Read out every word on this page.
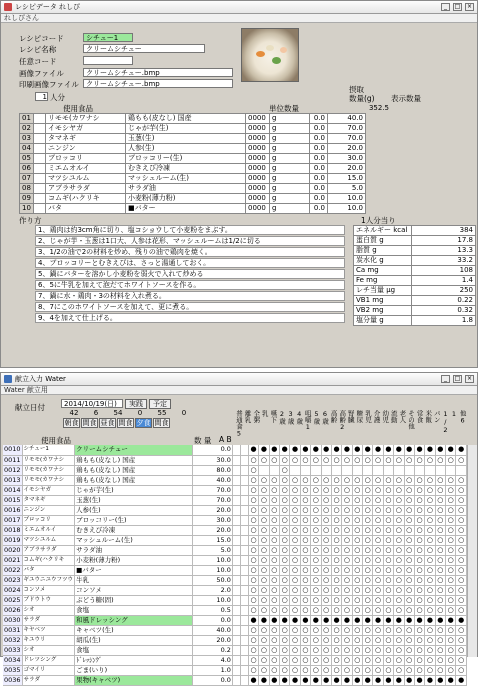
レシピデータ れしぴ	_	□	×
れしぴさん
レシピコード	シチュー1
レシピ名称	クリームシチュー
任意コード
画像ファイル	クリームシチュー.bmp
印刷画像ファイル	クリームシチュー.bmp
1 人分
使用食品	単位数量
摂取
数量(g) 表示数量
352.5
01		リモモ(カワナシ	鶏もも(皮なし) 国産	0000	g	0.0	40.0
02		イモシヤガ	じゃが芋(生)	0000	g	0.0	70.0
03		タマネギ	玉葱(生)	0000	g	0.0	70.0
04		ニンジン	人参(生)	0000	g	0.0	20.0
05		ブロッコリ	ブロッコリー(生)	0000	g	0.0	30.0
06		ミエムオルイ	むきえび冷凍	0000	g	0.0	20.0
07		マツシユルム	マッシュルーム(生)	0000	g	0.0	15.0
08		アブラサラダ	サラダ油	0000	g	0.0	5.0
09		コムギ(ハクリキ	小麦粉(薄力粉)	0000	g	0.0	10.0
10		バタ	■バター	0000	g	0.0	10.0
作り方	1人分当り
1、鶏肉は約3cm角に切り、塩コショウして小麦粉をまぶす。
2、じゃが芋・玉葱は1口大、人参は花形、マッシュルームは1/2に切る
3、1/2の油で2の材料を炒め、残りの油で鶏肉を焼く。
4、ブロッコリーとむきえびは、さっと湯通しておく。
5、鍋にバターを溶かし小麦粉を弱火で入れて炒める
6、5に牛乳を加えて泡だてホワイトソースを作る。
7、鍋に水・鶏肉・3の材料を入れ煮る。
8、7にこのホワイトソースを加えて、更に煮る。
9、4を加えて仕上げる。
エネルギー kcal	384
蛋白質 g	17.8
脂質 g	13.3
炭水化 g	33.2
Ca mg	108
Fe mg	1.4
レチ当量 μg	250
VB1 mg	0.22
VB2 mg	0.32
塩分量 g	1.8
献立入力 Water	_	□	×
Water 献立用
献立日付	2014/10/19(日)	実践	予定
42 6 54 0 55 0
朝食 間食 昼食 間食 夕食 間食
使用食品	数 量 A B
0010	シチュー1	クリームシチュー	0.0			●	●	●	●	●	●	●	●	●	●	●	●	●	●	●	●	●	●	●	●	●
0011	リモモ(カワナシ	鶏もも(皮なし) 国産	30.0			○	○	○	○	○	○	○	○	○	○	○	○	○	○	○	○	○	○	○	○	○
0012	リモモ(カワナシ	鶏もも(皮なし) 国産	80.0			○			○																	
0013	リモモ(カワナシ	鶏もも(皮なし) 国産	40.0			○	○	○	○	○	○	○	○	○	○	○	○	○	○	○	○	○	○	○	○	○
0014	イモシヤガ	じゃが芋(生)	70.0			○	○	○	○	○	○	○	○	○	○	○	○	○	○	○	○	○	○	○	○	○
0015	タマネギ	玉葱(生)	70.0			○	○	○	○	○	○	○	○	○	○	○	○	○	○	○	○	○	○	○	○	○
0016	ニンジン	人参(生)	20.0			○	○	○	○	○	○	○	○	○	○	○	○	○	○	○	○	○	○	○	○	○
0017	ブロッコリ	ブロッコリー(生)	30.0			○	○	○	○	○	○	○	○	○	○	○	○	○	○	○	○	○	○	○	○	○
0018	ミエムオルイ	むきえび冷凍	20.0			○	○	○	○	○	○	○	○	○	○	○	○	○	○	○	○	○	○	○	○	○
0019	マツシユルム	マッシュルーム(生)	15.0			○	○	○	○	○	○	○	○	○	○	○	○	○	○	○	○	○	○	○	○	○
0020	アブラサラダ	サラダ油	5.0			○	○	○	○	○	○	○	○	○	○	○	○	○	○	○	○	○	○	○	○	○
0021	コムギ(ハクリキ	小麦粉(薄力粉)	10.0			○	○	○	○	○	○	○	○	○	○	○	○	○	○	○	○	○	○	○	○	○
0022	バタ	■バター	10.0			○	○	○	○	○	○	○	○	○	○	○	○	○	○	○	○	○	○	○	○	○
0023	ギユウニユウフツウ	牛乳	50.0			○	○	○	○	○	○	○	○	○	○	○	○	○	○	○	○	○	○	○	○	○
0024	コンソメ	コンソメ	2.0			○	○	○	○	○	○	○	○	○	○	○	○	○	○	○	○	○	○	○	○	○
0025	ブドウトウ	ぶどう糖(固)	10.0			○	○	○	○	○	○	○	○	○	○	○	○	○	○	○	○	○	○	○	○	○
0026	シオ	食塩	0.5			○	○	○	○	○	○	○	○	○	○	○	○	○	○	○	○	○	○	○	○	○
0030	サラダ	和風ドレッシング	0.0			●	●	●	●	●	●	●	●	●	●	●	●	●	●	●	●	●	●	●	●	●
0031	キヤベツ	キャベツ(生)	40.0			○	○	○	○	○	○	○	○	○	○	○	○	○	○	○	○	○	○	○	○	○
0032	キユウリ	胡瓜(生)	20.0			○	○	○	○	○	○	○	○	○	○	○	○	○	○	○	○	○	○	○	○	○
0033	シオ	食塩	0.2			○	○	○	○	○	○	○	○	○	○	○	○	○	○	○	○	○	○	○	○	○
0034	ドレツシング	ﾄﾞﾚｯｼﾝｸﾞ	4.0			○	○	○	○	○	○	○	○	○	○	○	○	○	○	○	○	○	○	○	○	○
0035	ゴマイリ	ごま(いり)	1.0			○	○	○	○	○	○	○	○	○	○	○	○	○	○	○	○	○	○	○	○	○
0036	サラダ	果物(キャベツ)	0.0			●	●	●	●	●	●	●	●	●	●	●	●	●	●	●	●	●	●	●	●	●
普通食5 離乳 全粥 乳 嚥下 2歳 3歳 4歳 咀嚼1 5歳 6歳 高齢 高齢2 腎臓 糖尿 乳児 介護 幼児 流動 老人 その他 常食 米飯 パン 1/2 1 他6
